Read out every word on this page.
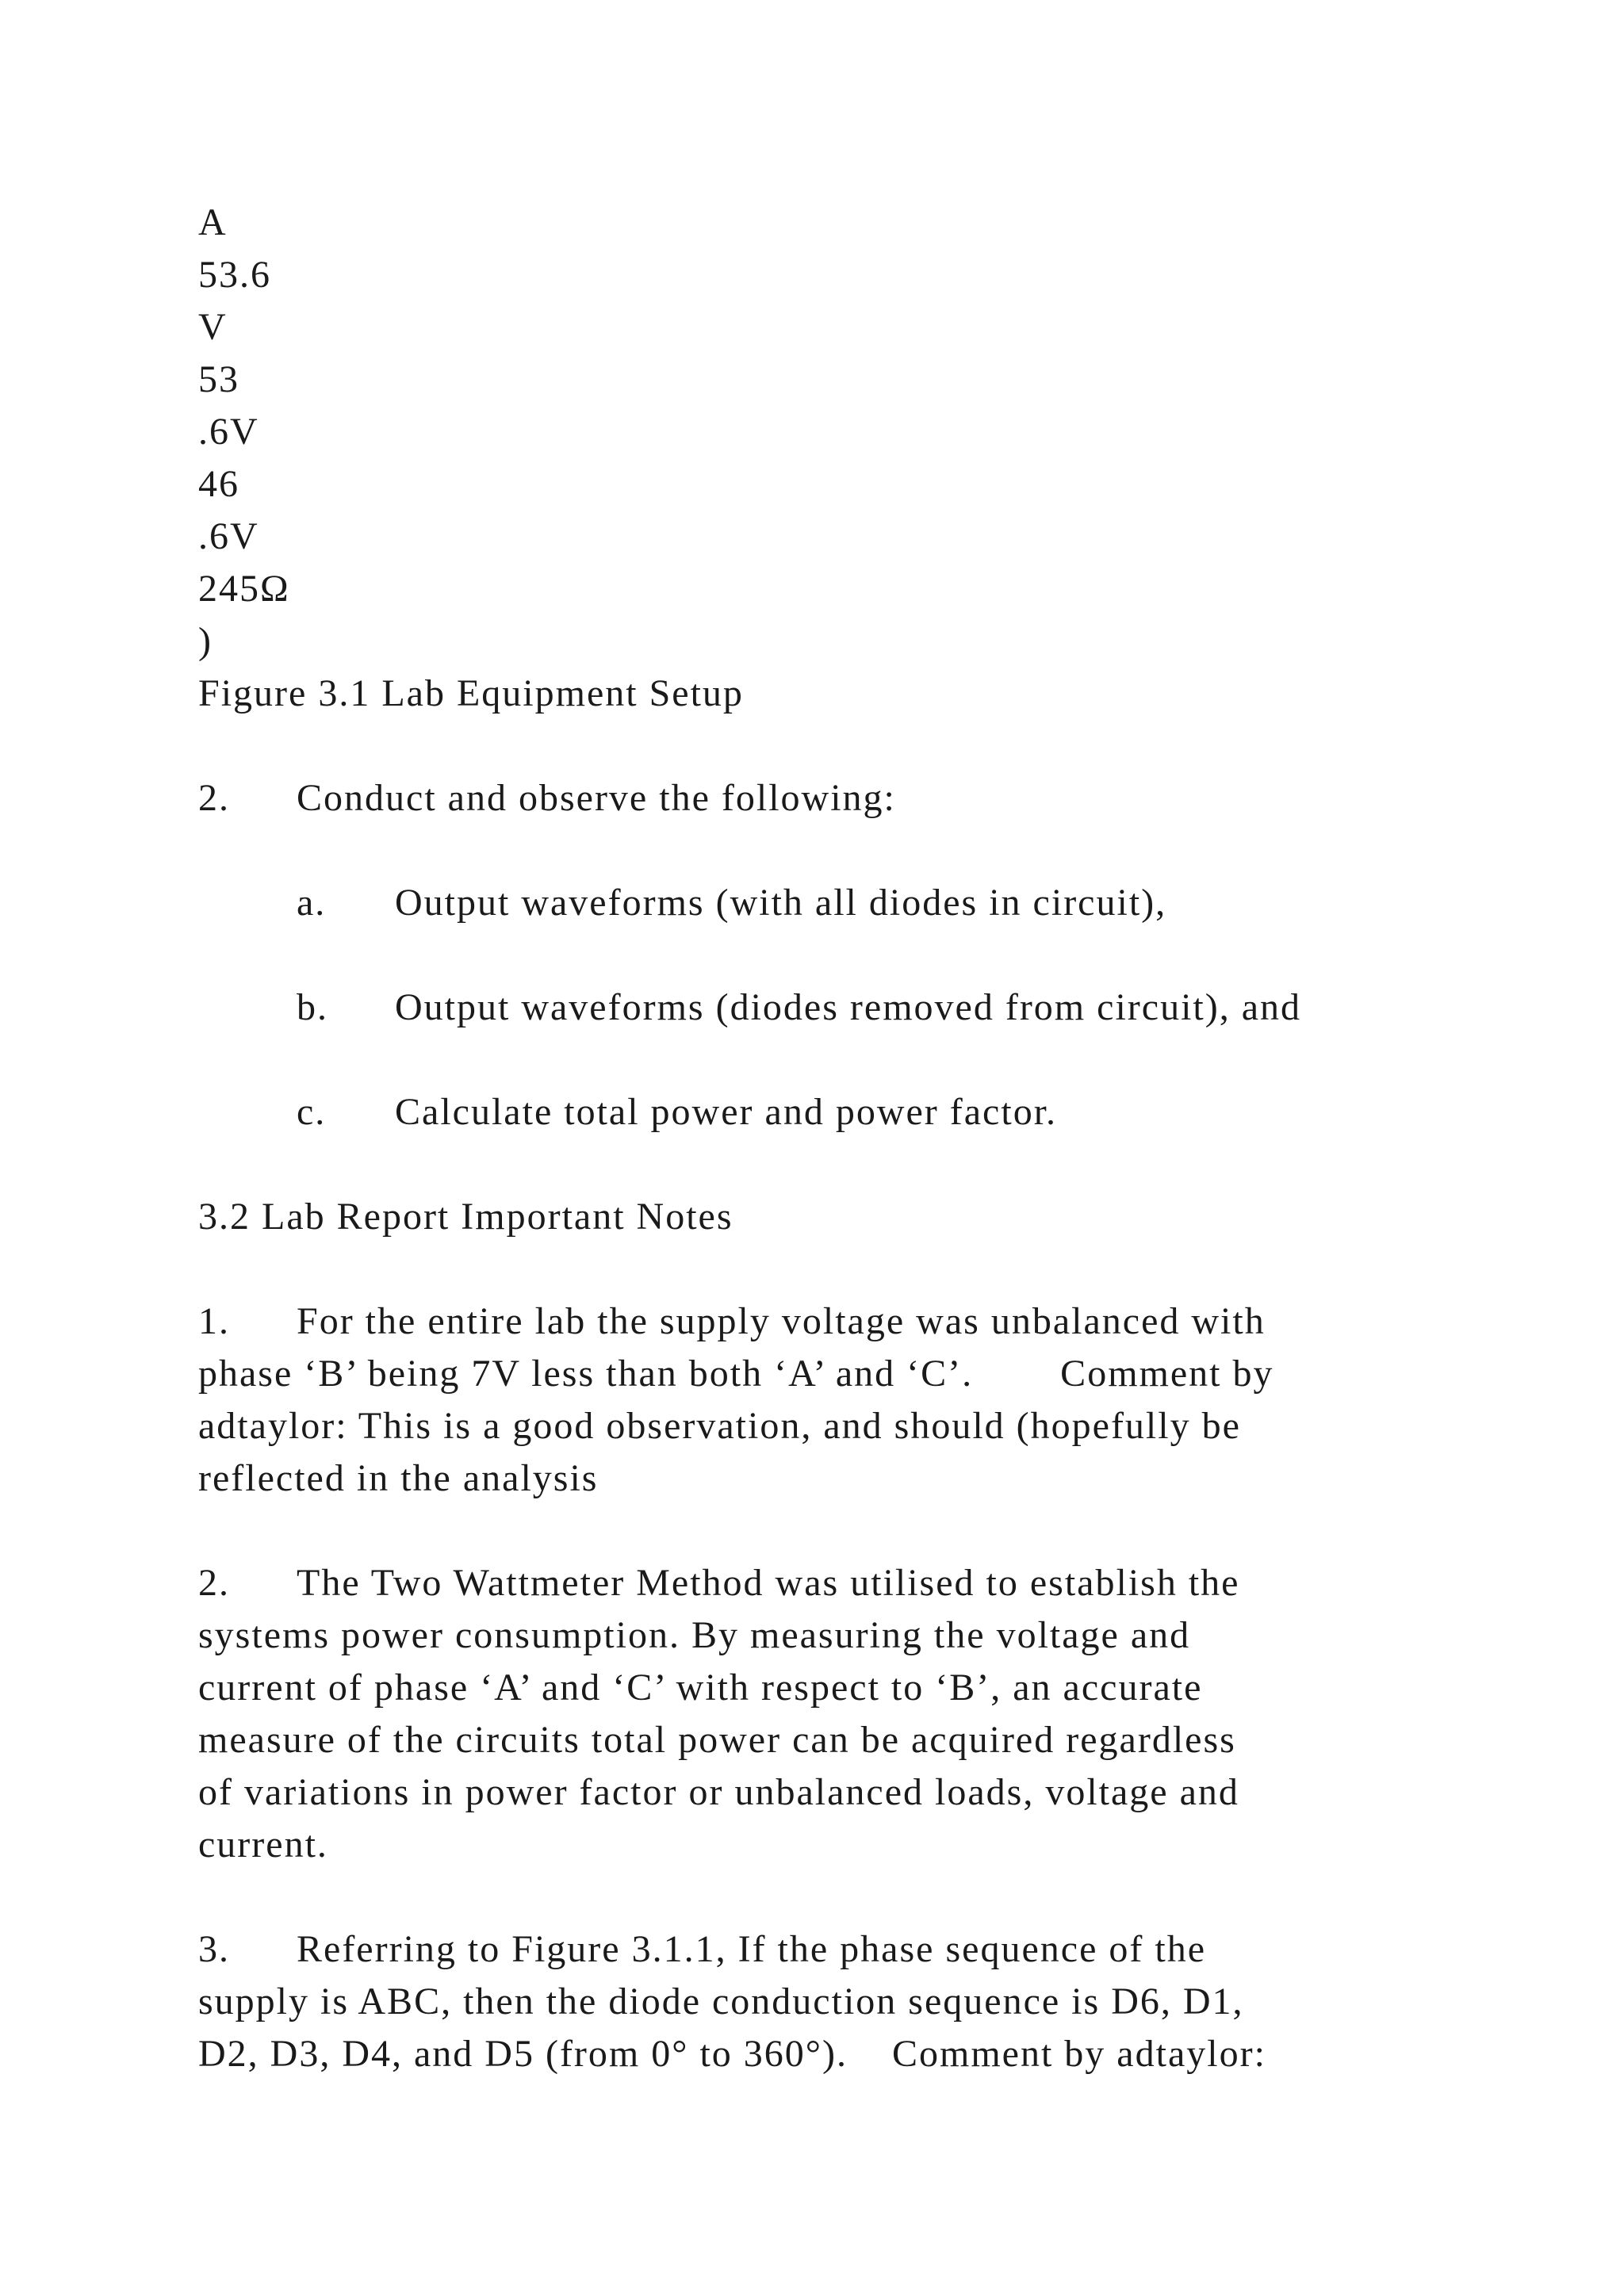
A
53.6
V
53
.6V
46
.6V
245Ω
)
Figure 3.1 Lab Equipment Setup
2. Conduct and observe the following:
a. Output waveforms (with all diodes in circuit),
b. Output waveforms (diodes removed from circuit), and
c. Calculate total power and power factor.
3.2 Lab Report Important Notes
1. For the entire lab the supply voltage was unbalanced with
phase ‘B’ being 7V less than both ‘A’ and ‘C’. Comment by
adtaylor: This is a good observation, and should (hopefully be
reflected in the analysis
2. The Two Wattmeter Method was utilised to establish the
systems power consumption. By measuring the voltage and
current of phase ‘A’ and ‘C’ with respect to ‘B’, an accurate
measure of the circuits total power can be acquired regardless
of variations in power factor or unbalanced loads, voltage and
current.
3. Referring to Figure 3.1.1, If the phase sequence of the
supply is ABC, then the diode conduction sequence is D6, D1,
D2, D3, D4, and D5 (from 0° to 360°). Comment by adtaylor:
